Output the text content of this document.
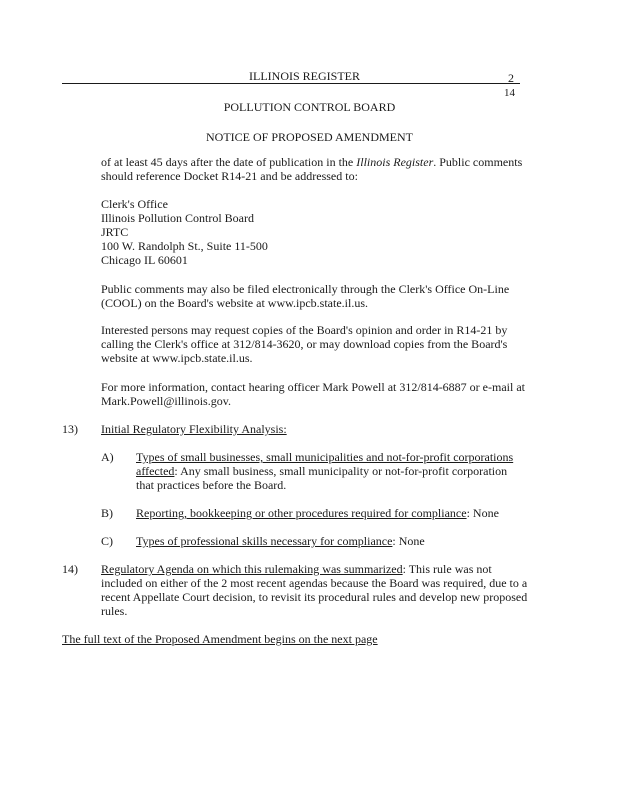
ILLINOIS REGISTER	2
14
POLLUTION CONTROL BOARD
NOTICE OF PROPOSED AMENDMENT
of at least 45 days after the date of publication in the Illinois Register. Public comments
should reference Docket R14-21 and be addressed to:
Clerk's Office
Illinois Pollution Control Board
JRTC
100 W. Randolph St., Suite 11-500
Chicago IL 60601
Public comments may also be filed electronically through the Clerk's Office On-Line
(COOL) on the Board's website at www.ipcb.state.il.us.
Interested persons may request copies of the Board's opinion and order in R14-21 by
calling the Clerk's office at 312/814-3620, or may download copies from the Board's
website at www.ipcb.state.il.us.
For more information, contact hearing officer Mark Powell at 312/814-6887 or e-mail at
Mark.Powell@illinois.gov.
13) Initial Regulatory Flexibility Analysis:
A) Types of small businesses, small municipalities and not-for-profit corporations
affected: Any small business, small municipality or not-for-profit corporation
that practices before the Board.
B) Reporting, bookkeeping or other procedures required for compliance: None
C) Types of professional skills necessary for compliance: None
14) Regulatory Agenda on which this rulemaking was summarized: This rule was not
included on either of the 2 most recent agendas because the Board was required, due to a
recent Appellate Court decision, to revisit its procedural rules and develop new proposed
rules.
The full text of the Proposed Amendment begins on the next page
